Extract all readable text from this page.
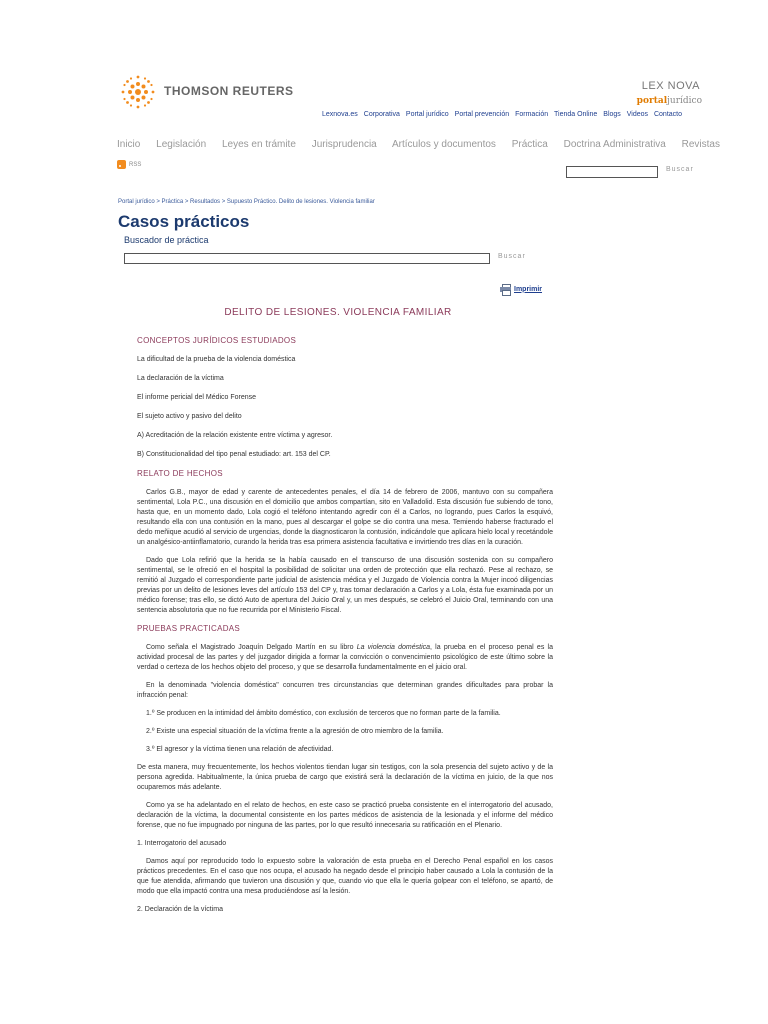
THOMSON REUTERS	LEX NOVA
portaljurídico
Lexnova.es Corporativa Portal jurídico Portal prevención Formación Tienda Online Blogs Videos Contacto
Inicio Legislación Leyes en trámite Jurisprudencia Artículos y documentos Práctica Doctrina Administrativa Revistas
RSS
Buscar
Portal jurídico > Práctica > Resultados > Supuesto Práctico. Delito de lesiones. Violencia familiar
Casos prácticos
Buscador de práctica
Buscar
Imprimir
DELITO DE LESIONES. VIOLENCIA FAMILIAR
CONCEPTOS JURÍDICOS ESTUDIADOS
La dificultad de la prueba de la violencia doméstica
La declaración de la víctima
El informe pericial del Médico Forense
El sujeto activo y pasivo del delito
A) Acreditación de la relación existente entre víctima y agresor.
B) Constitucionalidad del tipo penal estudiado: art. 153 del CP.
RELATO DE HECHOS
Carlos G.B., mayor de edad y carente de antecedentes penales, el día 14 de febrero de 2006, mantuvo con su compañera sentimental, Lola P.C., una discusión en el domicilio que ambos compartían, sito en Valladolid. Esta discusión fue subiendo de tono, hasta que, en un momento dado, Lola cogió el teléfono intentando agredir con él a Carlos, no logrando, pues Carlos la esquivó, resultando ella con una contusión en la mano, pues al descargar el golpe se dio contra una mesa. Temiendo haberse fracturado el dedo meñique acudió al servicio de urgencias, donde la diagnosticaron la contusión, indicándole que aplicara hielo local y recetándole un analgésico-antiinflamatorio, curando la herida tras esa primera asistencia facultativa e invirtiendo tres días en la curación.
Dado que Lola refirió que la herida se la había causado en el transcurso de una discusión sostenida con su compañero sentimental, se le ofreció en el hospital la posibilidad de solicitar una orden de protección que ella rechazó. Pese al rechazo, se remitió al Juzgado el correspondiente parte judicial de asistencia médica y el Juzgado de Violencia contra la Mujer incoó diligencias previas por un delito de lesiones leves del artículo 153 del CP y, tras tomar declaración a Carlos y a Lola, ésta fue examinada por un médico forense; tras ello, se dictó Auto de apertura del Juicio Oral y, un mes después, se celebró el Juicio Oral, terminando con una sentencia absolutoria que no fue recurrida por el Ministerio Fiscal.
PRUEBAS PRACTICADAS
Como señala el Magistrado Joaquín Delgado Martín en su libro La violencia doméstica, la prueba en el proceso penal es la actividad procesal de las partes y del juzgador dirigida a formar la convicción o convencimiento psicológico de este último sobre la verdad o certeza de los hechos objeto del proceso, y que se desarrolla fundamentalmente en el juicio oral.
En la denominada "violencia doméstica" concurren tres circunstancias que determinan grandes dificultades para probar la infracción penal:
1.º Se producen en la intimidad del ámbito doméstico, con exclusión de terceros que no forman parte de la familia.
2.º Existe una especial situación de la víctima frente a la agresión de otro miembro de la familia.
3.º El agresor y la víctima tienen una relación de afectividad.
De esta manera, muy frecuentemente, los hechos violentos tiendan lugar sin testigos, con la sola presencia del sujeto activo y de la persona agredida. Habitualmente, la única prueba de cargo que existirá será la declaración de la víctima en juicio, de la que nos ocuparemos más adelante.
Como ya se ha adelantado en el relato de hechos, en este caso se practicó prueba consistente en el interrogatorio del acusado, declaración de la víctima, la documental consistente en los partes médicos de asistencia de la lesionada y el informe del médico forense, que no fue impugnado por ninguna de las partes, por lo que resultó innecesaria su ratificación en el Plenario.
1. Interrogatorio del acusado
Damos aquí por reproducido todo lo expuesto sobre la valoración de esta prueba en el Derecho Penal español en los casos prácticos precedentes. En el caso que nos ocupa, el acusado ha negado desde el principio haber causado a Lola la contusión de la que fue atendida, afirmando que tuvieron una discusión y que, cuando vio que ella le quería golpear con el teléfono, se apartó, de modo que ella impactó contra una mesa produciéndose así la lesión.
2. Declaración de la víctima
